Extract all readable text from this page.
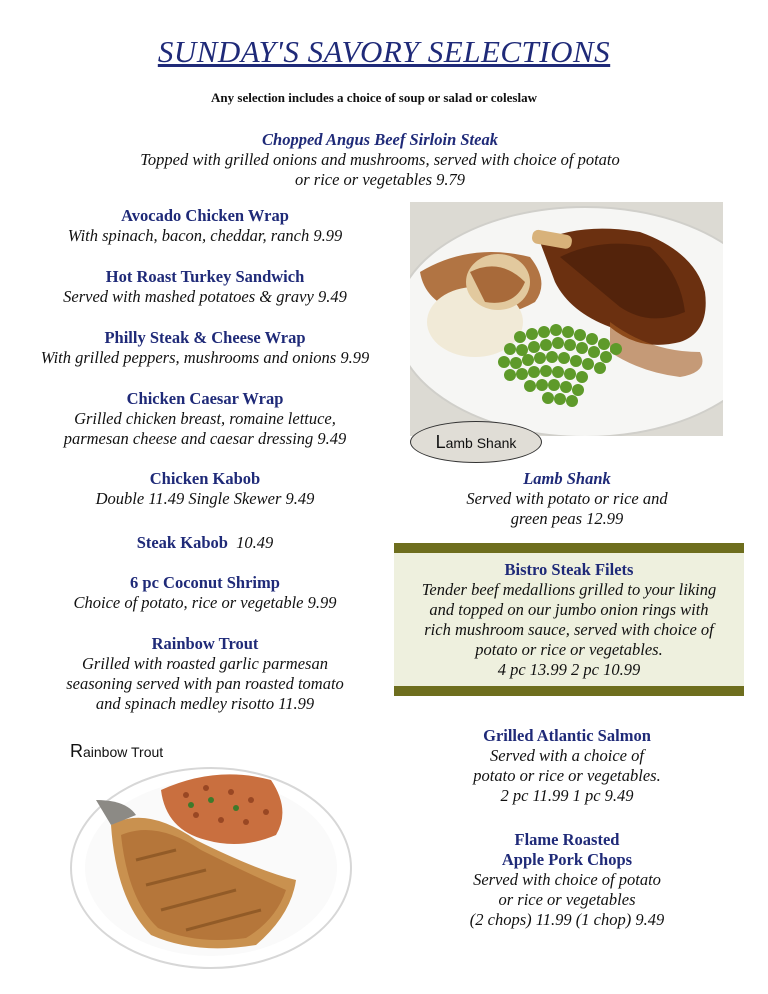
SUNDAY'S SAVORY SELECTIONS
Any selection includes a choice of soup or salad or coleslaw
Chopped Angus Beef Sirloin Steak
Topped with grilled onions and mushrooms, served with choice of potato
or rice or vegetables 9.79
Avocado Chicken Wrap
With spinach, bacon, cheddar, ranch 9.99
Hot Roast Turkey Sandwich
Served with mashed potatoes & gravy 9.49
Philly Steak & Cheese Wrap
With grilled peppers, mushrooms and onions 9.99
Chicken Caesar Wrap
Grilled chicken breast, romaine lettuce,
parmesan cheese and caesar dressing 9.49
Chicken Kabob
Double 11.49 Single Skewer 9.49
Steak Kabob 10.49
6 pc Coconut Shrimp
Choice of potato, rice or vegetable 9.99
Rainbow Trout
Grilled with roasted garlic parmesan
seasoning served with pan roasted tomato
and spinach medley risotto 11.99
Lamb Shank
Lamb Shank
Served with potato or rice and
green peas 12.99
Bistro Steak Filets
Tender beef medallions grilled to your liking
and topped on our jumbo onion rings with
rich mushroom sauce, served with choice of
potato or rice or vegetables.
4 pc 13.99 2 pc 10.99
Grilled Atlantic Salmon
Served with a choice of
potato or rice or vegetables.
2 pc 11.99 1 pc 9.49
Flame Roasted
Apple Pork Chops
Served with choice of potato
or rice or vegetables
(2 chops) 11.99 (1 chop) 9.49
Rainbow Trout
